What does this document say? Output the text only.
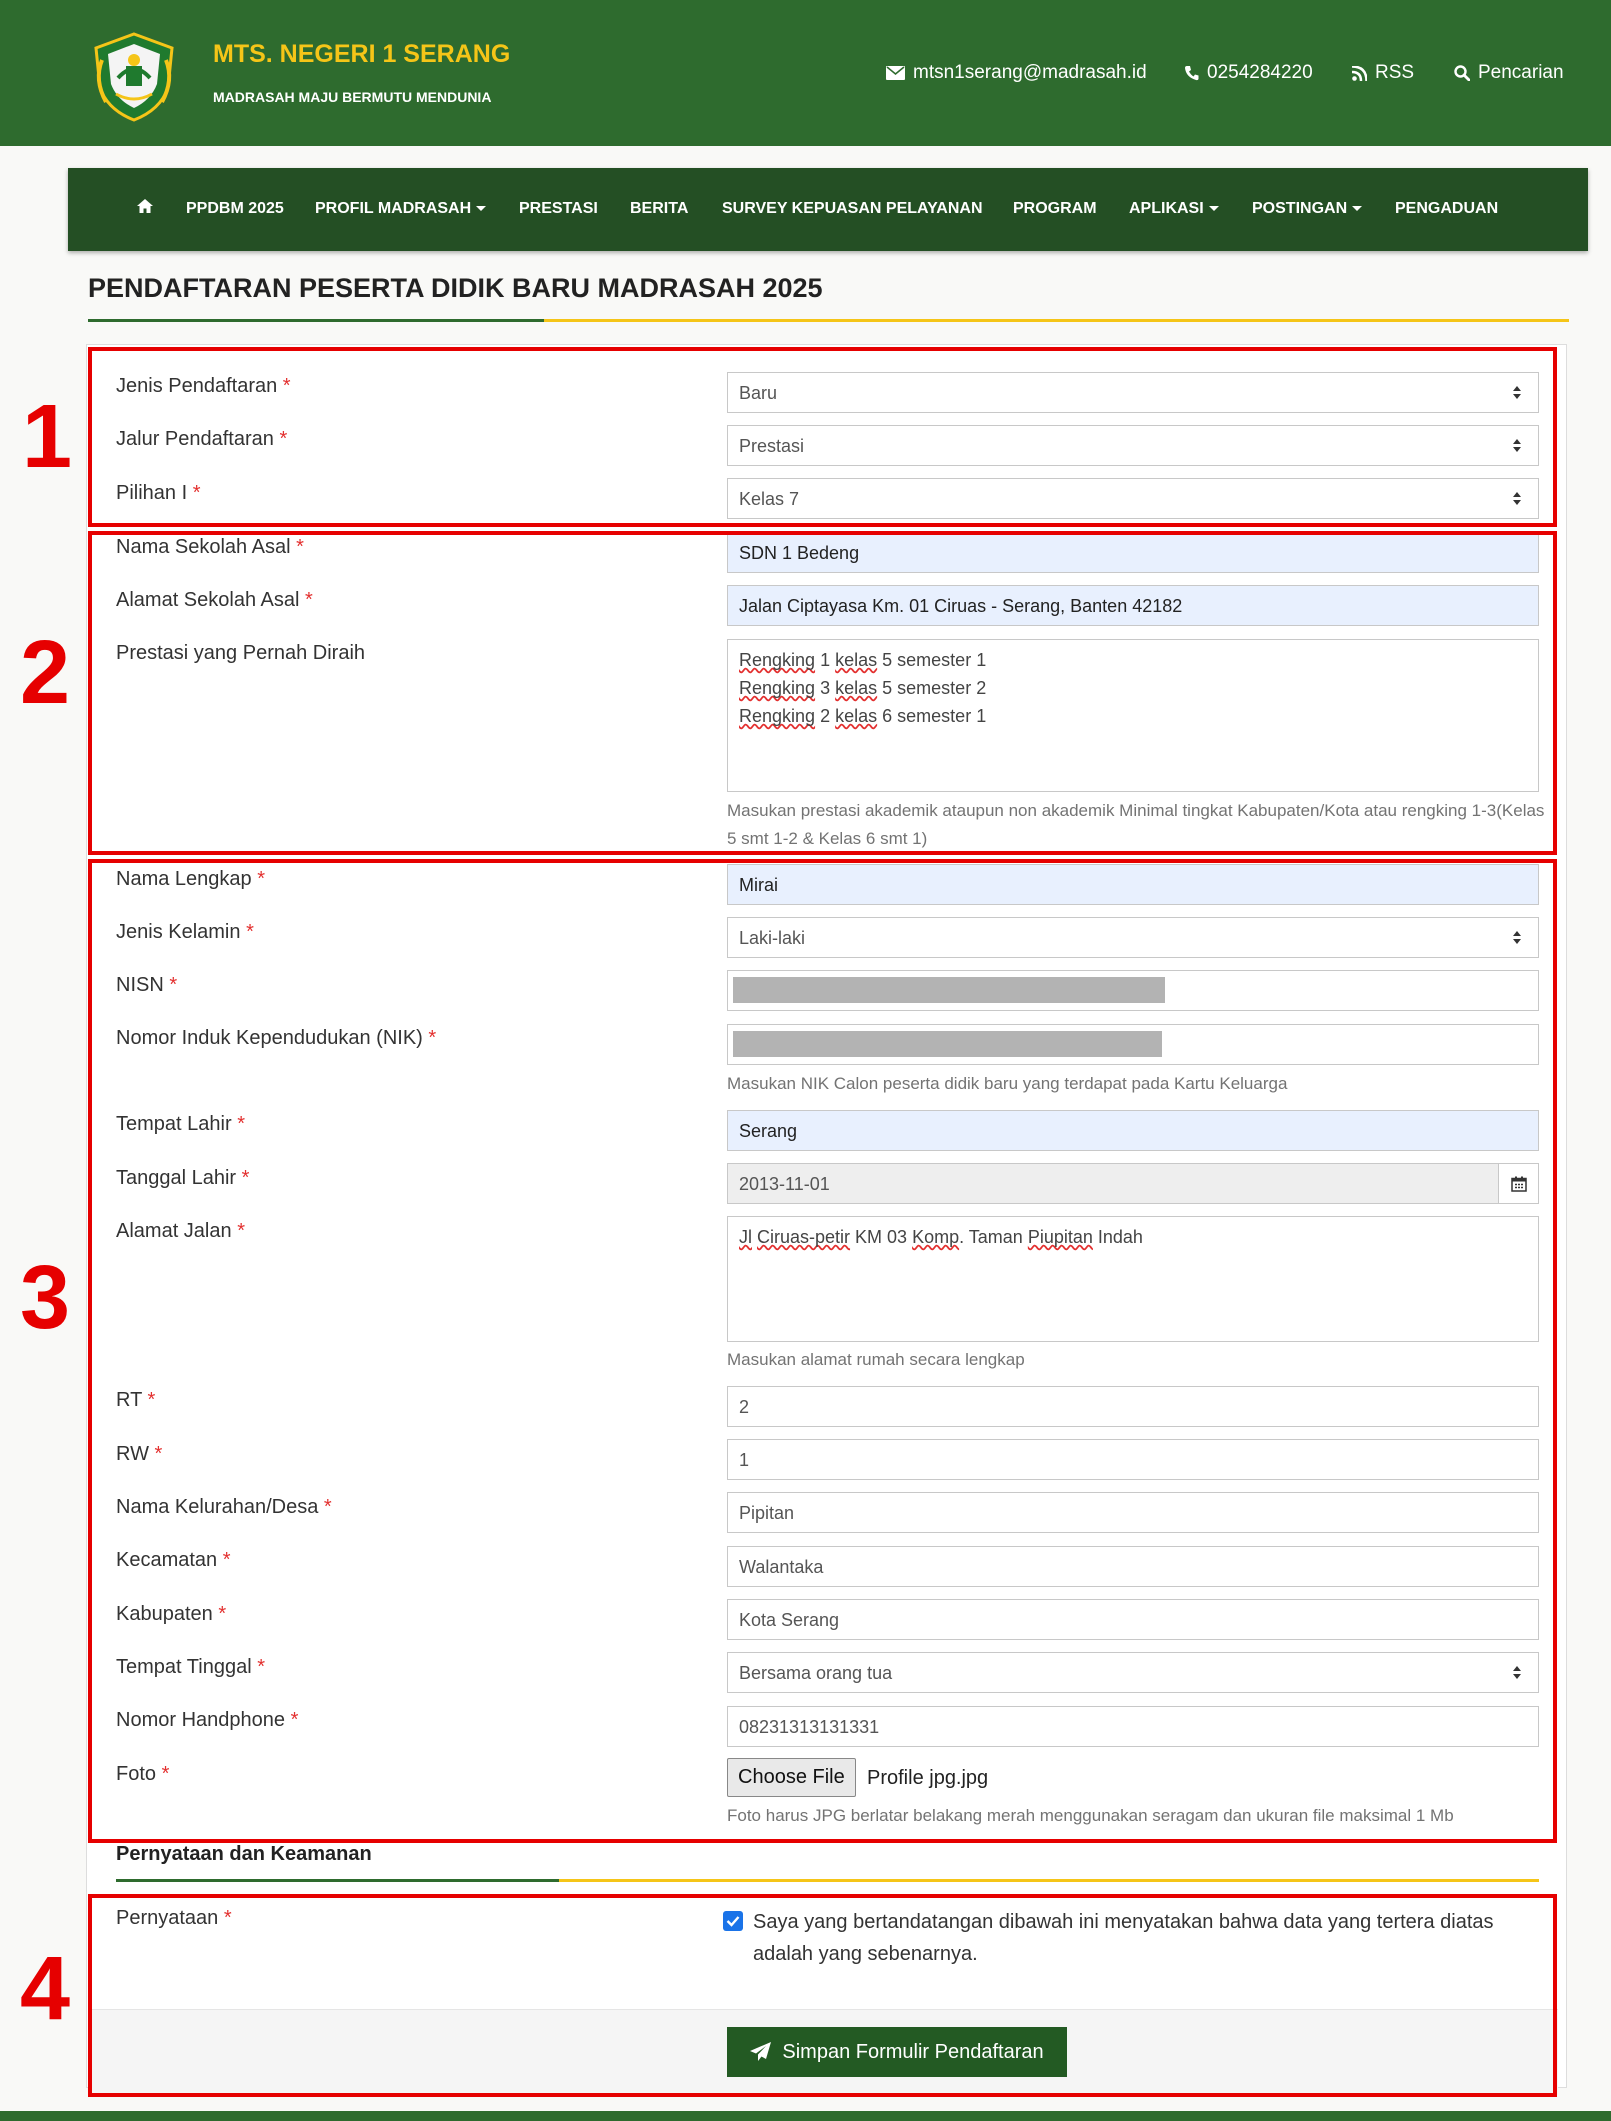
MTS. NEGERI 1 SERANG
MADRASAH MAJU BERMUTU MENDUNIA
mtsn1serang@madrasah.id	0254284220	RSS	Pencarian
PPDBM 2025 PROFIL MADRASAH	PRESTASI BERITA SURVEY KEPUASAN PELAYANAN PROGRAM APLIKASI	POSTINGAN	PENGADUAN
PENDAFTARAN PESERTA DIDIK BARU MADRASAH 2025
Jenis Pendaftaran *	Baru
Jalur Pendaftaran *	Prestasi
Pilihan I *	Kelas 7
Nama Sekolah Asal *	SDN 1 Bedeng
Alamat Sekolah Asal *	Jalan Ciptayasa Km. 01 Ciruas - Serang, Banten 42182
Prestasi yang Pernah Diraih	Rengking 1 kelas 5 semester 1
Rengking 3 kelas 5 semester 2
Rengking 2 kelas 6 semester 1
Masukan prestasi akademik ataupun non akademik Minimal tingkat Kabupaten/Kota atau rengking 1-3(Kelas 5 smt 1-2 & Kelas 6 smt 1)
Nama Lengkap *	Mirai
Jenis Kelamin *	Laki-laki
NISN *
Nomor Induk Kependudukan (NIK) *
Masukan NIK Calon peserta didik baru yang terdapat pada Kartu Keluarga
Tempat Lahir *	Serang
Tanggal Lahir *	2013-11-01
Alamat Jalan *	Jl Ciruas-petir KM 03 Komp. Taman Piupitan Indah
Masukan alamat rumah secara lengkap
RT *	2
RW *	1
Nama Kelurahan/Desa *	Pipitan
Kecamatan *	Walantaka
Kabupaten *	Kota Serang
Tempat Tinggal *	Bersama orang tua
Nomor Handphone *	08231313131331
Foto *	Choose File	Profile jpg.jpg
Foto harus JPG berlatar belakang merah menggunakan seragam dan ukuran file maksimal 1 Mb
Pernyataan dan Keamanan
Pernyataan *	Saya yang bertandatangan dibawah ini menyatakan bahwa data yang tertera diatas adalah yang sebenarnya.
Simpan Formulir Pendaftaran
1
2
3
4
